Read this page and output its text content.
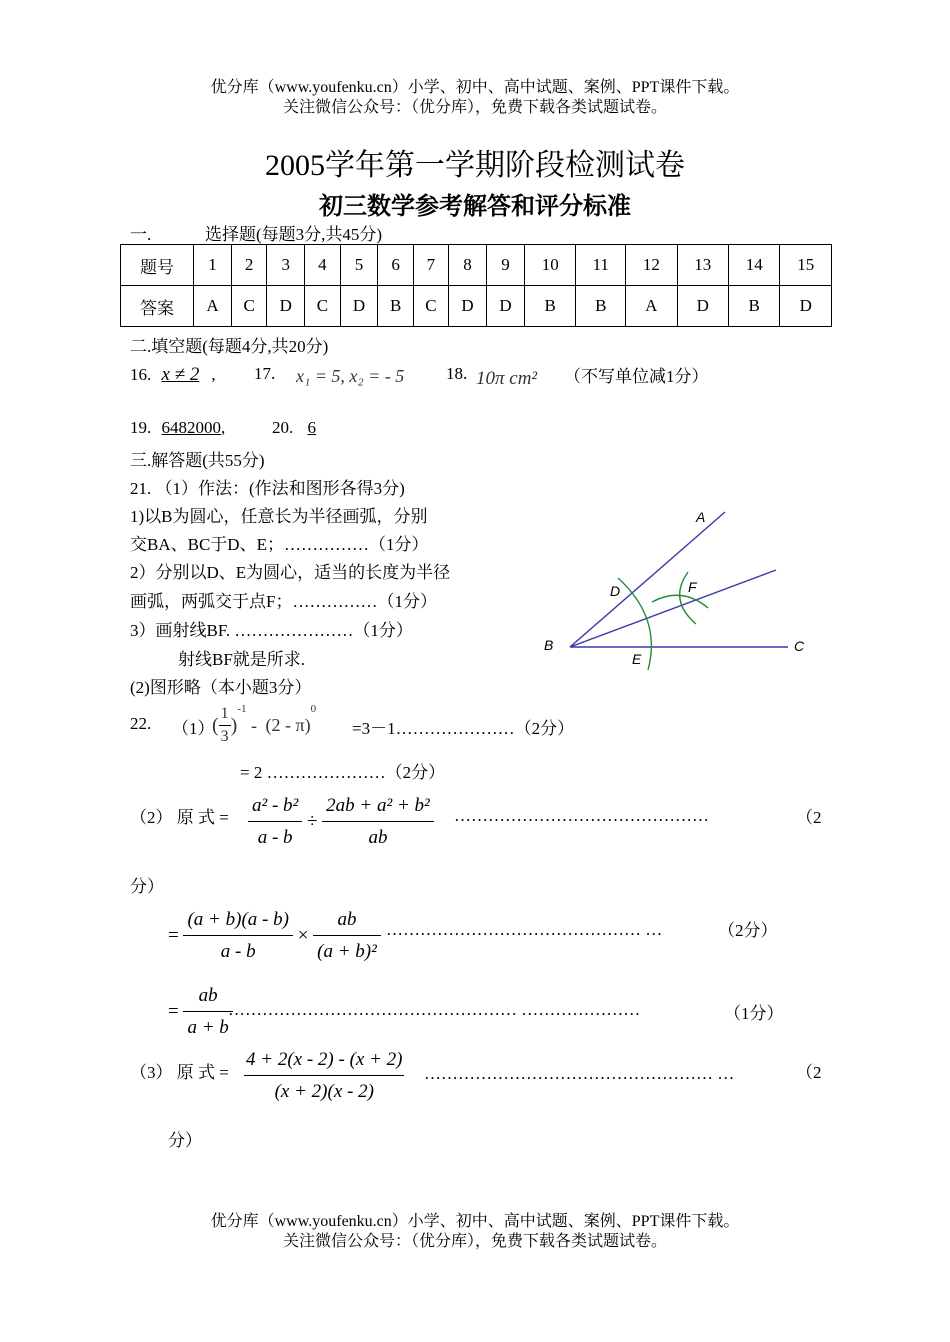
优分库（www.youfenku.cn）小学、初中、高中试题、案例、PPT课件下载。
关注微信公众号：（优分库），免费下载各类试题试卷。
2005学年第一学期阶段检测试卷
初三数学参考解答和评分标准
一.	选择题(每题3分,共45分)
题号	1	2	3	4	5	6	7	8	9	10	11	12	13	14	15
答案	A	C	D	C	D	B	C	D	D	B	B	A	D	B	D
二.填空题(每题4分,共20分)
16. x ≠ 2 , 17. x₁ = 5, x₂ = - 5 18. 10π cm² （不写单位减1分）
19. 6482000,	20. 6
三.解答题(共55分)
21. （1）作法：(作法和图形各得3分)
1)以B为圆心，任意长为半径画弧，分别
交BA、BC于D、E；……………（1分）
2）分别以D、E为圆心，适当的长度为半径
画弧，两弧交于点F；……………（1分）
3）画射线BF. …………………（1分）
射线BF就是所求.
(2)图形略（本小题3分）
B
A
C
D
E
F
22. （1）
( $\frac{1}{3} )^{-1} - (2 - \pi)^0$
=3－1…………………（2分）
= 2 …………………（2分）
（2） 原 式 = $\frac{\text{a² - b²}}{a - b} \div \frac{\text{2ab + a² + b²}}{ab}$ ………………………………………	（2
分）
= $\frac{(a + b)(a - b)}{a - b} \times \frac{ab}{\text{(a + b)²}}$ ……………………………………… …	（2分）
= $\frac{ab}{a + b}$
…………………………………………… …………………	（1分）
（3） 原 式 = $\frac{4 + 2(x - 2) - (x + 2)}{(x + 2)(x - 2)}$ …………………………………………… …	（2
分）
优分库（www.youfenku.cn）小学、初中、高中试题、案例、PPT课件下载。
关注微信公众号：（优分库），免费下载各类试题试卷。
